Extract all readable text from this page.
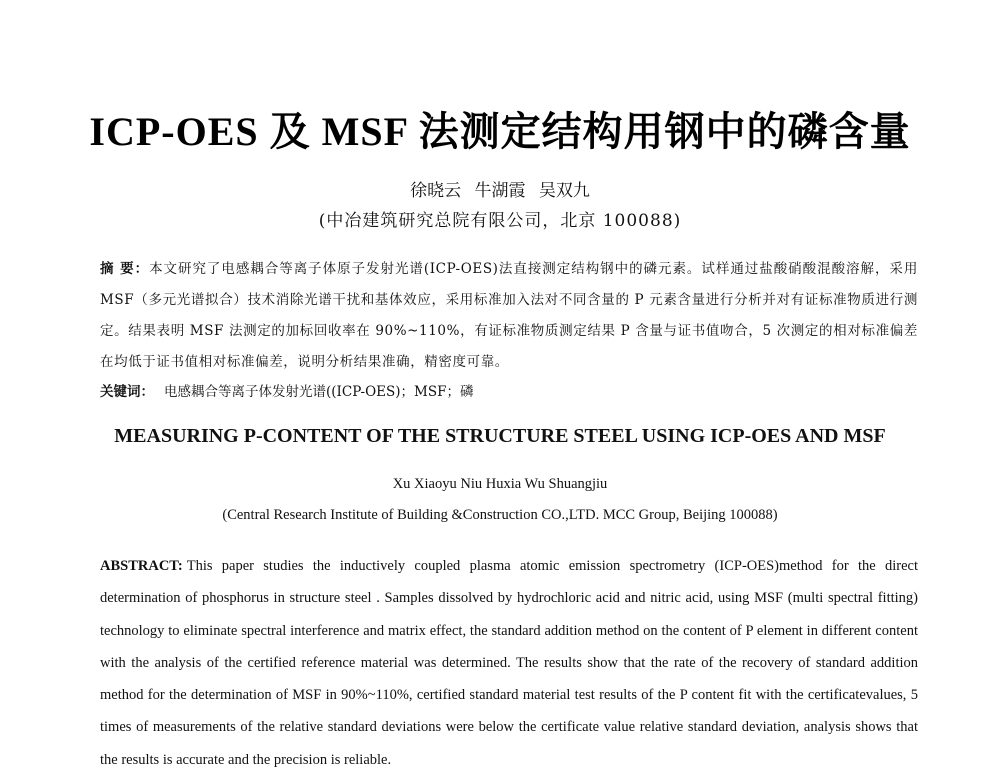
ICP-OES 及 MSF 法测定结构用钢中的磷含量
徐晓云 牛湖霞 吴双九
(中冶建筑研究总院有限公司，北京 100088)
摘 要：本文研究了电感耦合等离子体原子发射光谱(ICP-OES)法直接测定结构钢中的磷元素。试样通过盐酸硝酸混酸溶解，采用 MSF（多元光谱拟合）技术消除光谱干扰和基体效应，采用标准加入法对不同含量的 P 元素含量进行分析并对有证标准物质进行测定。结果表明 MSF 法测定的加标回收率在 90%~110%，有证标准物质测定结果 P 含量与证书值吻合，5 次测定的相对标准偏差在均低于证书值相对标准偏差，说明分析结果准确，精密度可靠。
关键词： 电感耦合等离子体发射光谱((ICP-OES)；MSF；磷
MEASURING P-CONTENT OF THE STRUCTURE STEEL USING ICP-OES AND MSF
Xu Xiaoyu Niu Huxia Wu Shuangjiu
(Central Research Institute of Building &Construction CO.,LTD. MCC Group, Beijing 100088)
ABSTRACT: This paper studies the inductively coupled plasma atomic emission spectrometry (ICP-OES)method for the direct determination of phosphorus in structure steel . Samples dissolved by hydrochloric acid and nitric acid, using MSF (multi spectral fitting) technology to eliminate spectral interference and matrix effect, the standard addition method on the content of P element in different content with the analysis of the certified reference material was determined. The results show that the rate of the recovery of standard addition method for the determination of MSF in 90%~110%, certified standard material test results of the P content fit with the certificatevalues, 5 times of measurements of the relative standard deviations were below the certificate value relative standard deviation, analysis shows that the results is accurate and the precision is reliable.
